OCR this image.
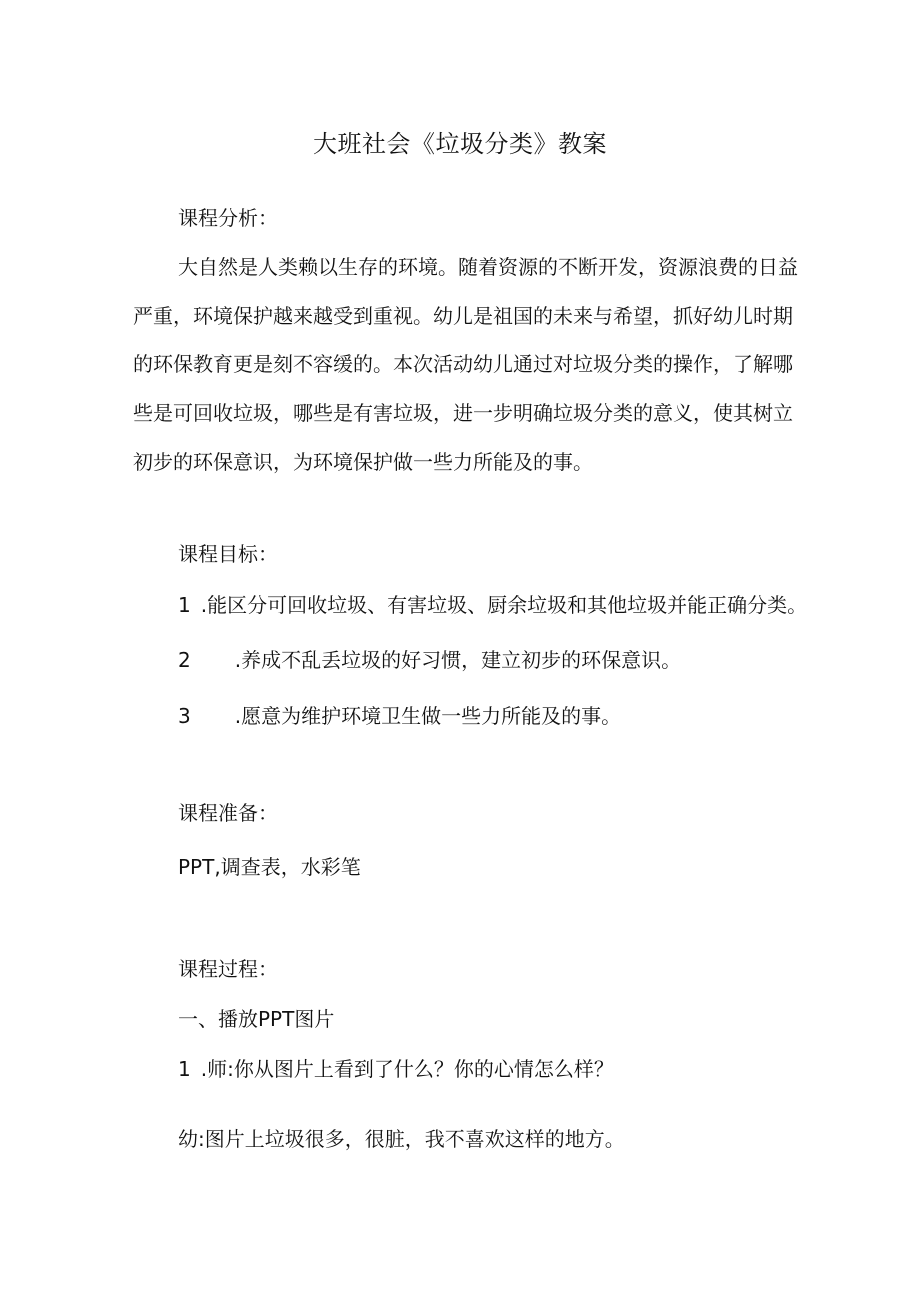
大班社会《垃圾分类》教案
课程分析：
大自然是人类赖以生存的环境。随着资源的不断开发，资源浪费的日益
严重，环境保护越来越受到重视。幼儿是祖国的未来与希望，抓好幼儿时期
的环保教育更是刻不容缓的。本次活动幼儿通过对垃圾分类的操作，了解哪
些是可回收垃圾，哪些是有害垃圾，进一步明确垃圾分类的意义，使其树立
初步的环保意识，为环境保护做一些力所能及的事。
课程目标：
1 .能区分可回收垃圾、有害垃圾、厨余垃圾和其他垃圾并能正确分类。
2 .养成不乱丢垃圾的好习惯，建立初步的环保意识。
3 .愿意为维护环境卫生做一些力所能及的事。
课程准备：
PPT,调查表，水彩笔
课程过程：
一、播放PPT图片
1 .师:你从图片上看到了什么？你的心情怎么样？
幼:图片上垃圾很多，很脏，我不喜欢这样的地方。
